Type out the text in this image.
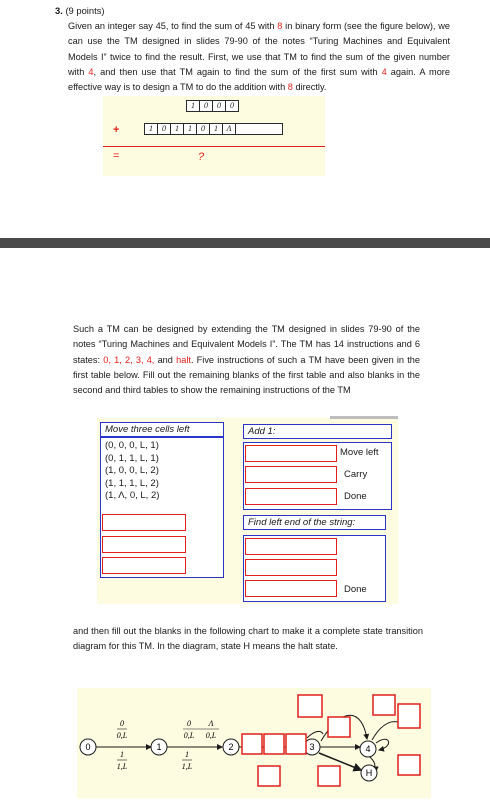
3. (9 points)
Given an integer say 45, to find the sum of 45 with 8 in binary form (see the figure below), we can use the TM designed in slides 79-90 of the notes “Turing Machines and Equivalent Models I” twice to find the result. First, we use that TM to find the sum of the given number with 4, and then use that TM again to find the sum of the first sum with 4 again. A more effective way is to design a TM to do the addition with 8 directly.
1	0	0	0
+	1	0	1	1	0	1	Λ
=	?
Such a TM can be designed by extending the TM designed in slides 79-90 of the notes “Turing Machines and Equivalent Models I”. The TM has 14 instructions and 6 states: 0, 1, 2, 3, 4, and halt. Five instructions of such a TM have been given in the first table below. Fill out the remaining blanks of the first table and also blanks in the second and third tables to show the remaining instructions of the TM
Move three cells left
(0, 0, 0, L, 1)
(0, 1, 1, L, 1)
(1, 0, 0, L, 2)
(1, 1, 1, L, 2)
(1, Λ, 0, L, 2)
Add 1:
Move left
Carry
Done
Find left end of the string:
Done
and then fill out the blanks in the following chart to make it a complete state transition diagram for this TM. In the diagram, state H means the halt state.
0	1	2	3	4
H
0
0,L
1
1,L
0 Λ
0,L 0,L
1
1,L
